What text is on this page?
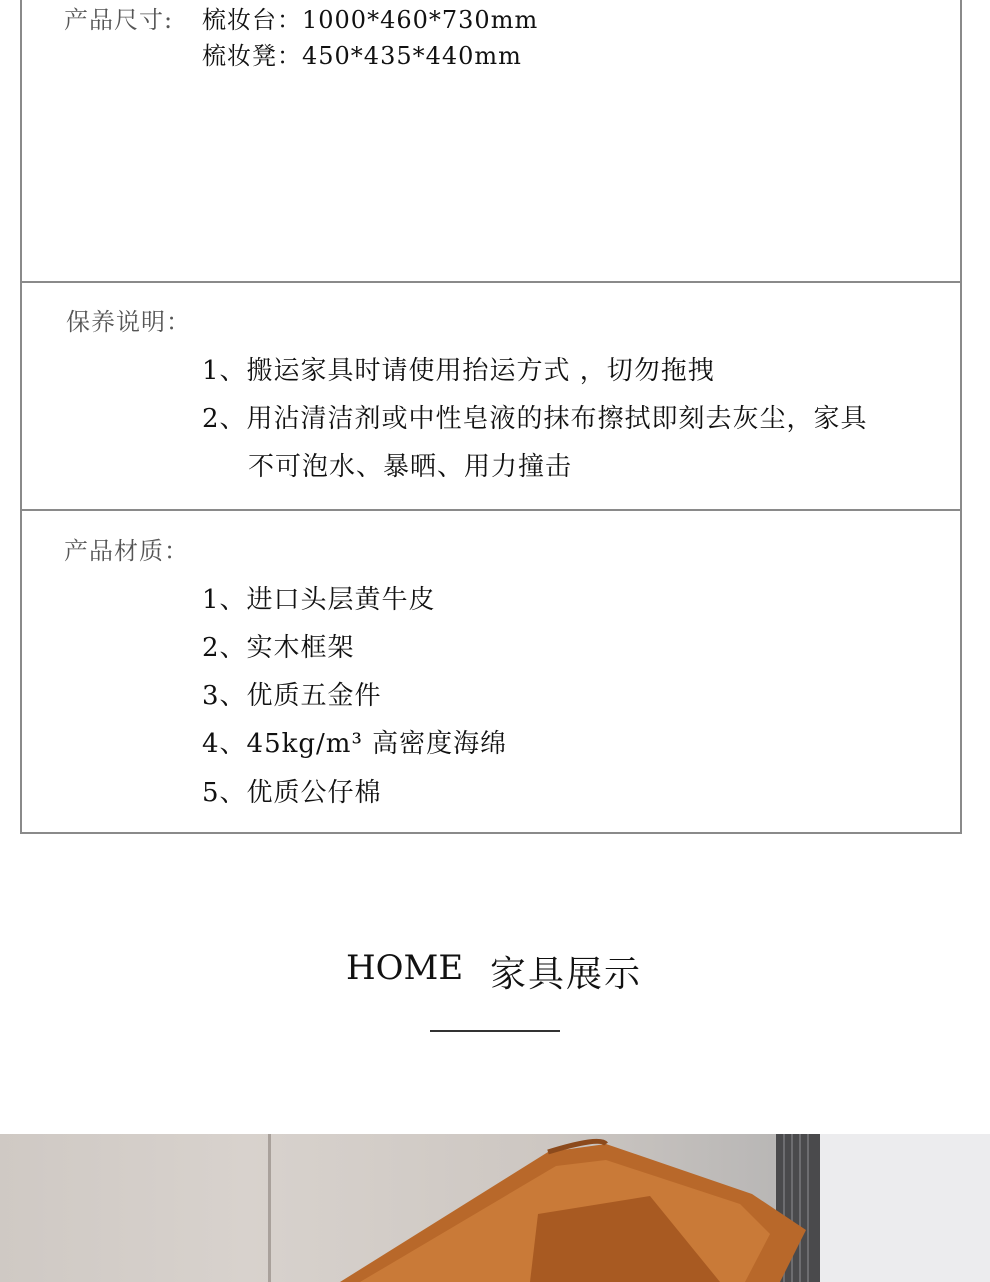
产品尺寸: 梳妆台：1000*460*730mm
梳妆凳：450*435*440mm
保养说明：
1、搬运家具时请使用抬运方式 ，切勿拖拽
2、用沾清洁剂或中性皂液的抹布擦拭即刻去灰尘，家具
不可泡水、暴晒、用力撞击
产品材质：
1、进口头层黄牛皮
2、实木框架
3、优质五金件
4、45kg/m³ 高密度海绵
5、优质公仔棉
HOME 家具展示
